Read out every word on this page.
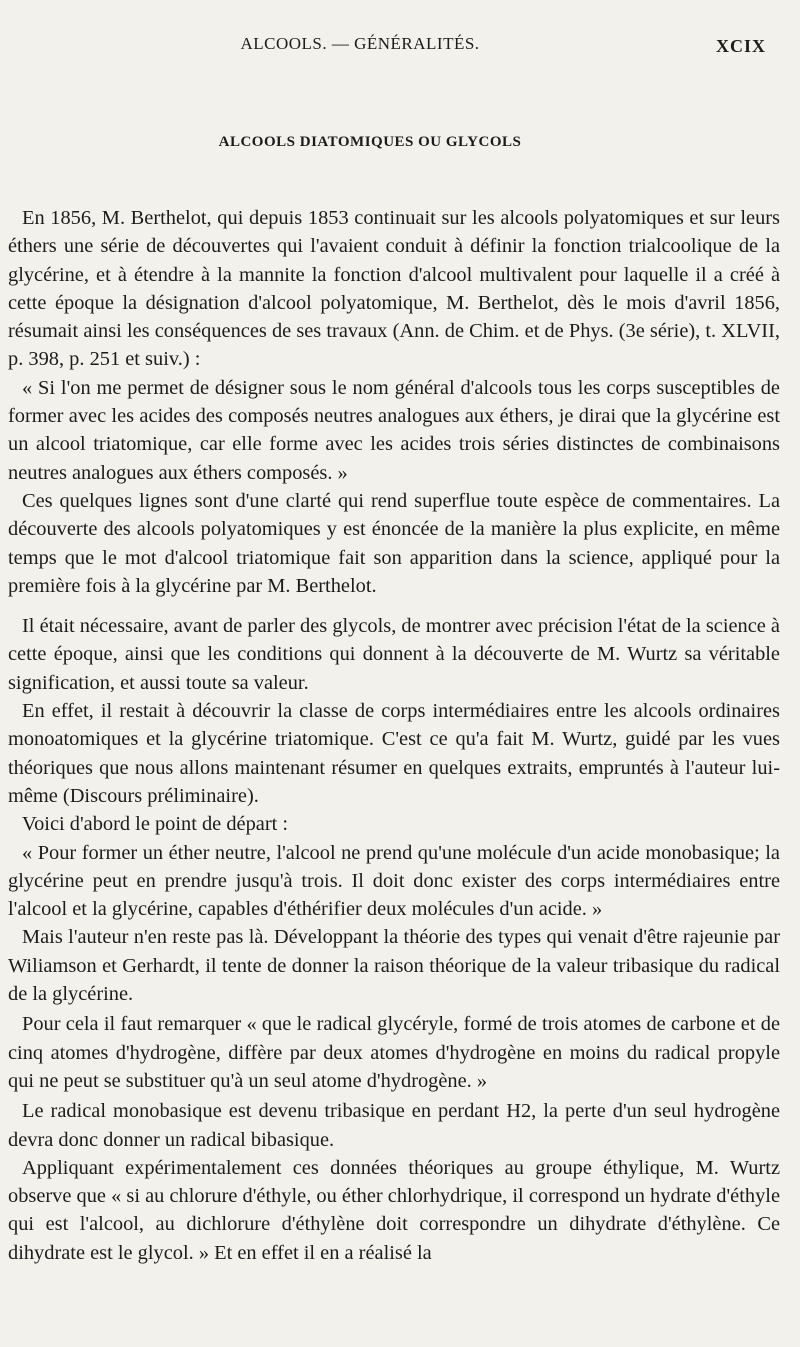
ALCOOLS. — GÉNÉRALITÉS.	XCIX
ALCOOLS DIATOMIQUES OU GLYCOLS

En 1856, M. Berthelot, qui depuis 1853 continuait sur les alcools polyatomiques et sur leurs éthers une série de découvertes qui l'avaient conduit à définir la fonction trialcoolique de la glycérine, et à étendre à la mannite la fonction d'alcool multivalent pour laquelle il a créé à cette époque la désignation d'alcool polyatomique, M. Berthelot, dès le mois d'avril 1856, résumait ainsi les conséquences de ses travaux (Ann. de Chim. et de Phys. (3e série), t. XLVII, p. 398, p. 251 et suiv.) :

« Si l'on me permet de désigner sous le nom général d'alcools tous les corps susceptibles de former avec les acides des composés neutres analogues aux éthers, je dirai que la glycérine est un alcool triatomique, car elle forme avec les acides trois séries distinctes de combinaisons neutres analogues aux éthers composés. »

Ces quelques lignes sont d'une clarté qui rend superflue toute espèce de commentaires. La découverte des alcools polyatomiques y est énoncée de la manière la plus explicite, en même temps que le mot d'alcool triatomique fait son apparition dans la science, appliqué pour la première fois à la glycérine par M. Berthelot.

Il était nécessaire, avant de parler des glycols, de montrer avec précision l'état de la science à cette époque, ainsi que les conditions qui donnent à la découverte de M. Wurtz sa véritable signification, et aussi toute sa valeur.

En effet, il restait à découvrir la classe de corps intermédiaires entre les alcools ordinaires monoatomiques et la glycérine triatomique. C'est ce qu'a fait M. Wurtz, guidé par les vues théoriques que nous allons maintenant résumer en quelques extraits, empruntés à l'auteur lui-même (Discours préliminaire).

Voici d'abord le point de départ :

« Pour former un éther neutre, l'alcool ne prend qu'une molécule d'un acide monobasique; la glycérine peut en prendre jusqu'à trois. Il doit donc exister des corps intermédiaires entre l'alcool et la glycérine, capables d'éthérifier deux molécules d'un acide. »

Mais l'auteur n'en reste pas là. Développant la théorie des types qui venait d'être rajeunie par Wiliamson et Gerhardt, il tente de donner la raison théorique de la valeur tribasique du radical de la glycérine.

Pour cela il faut remarquer « que le radical glycéryle, formé de trois atomes de carbone et de cinq atomes d'hydrogène, diffère par deux atomes d'hydrogène en moins du radical propyle qui ne peut se substituer qu'à un seul atome d'hydrogène. »

Le radical monobasique est devenu tribasique en perdant H2, la perte d'un seul hydrogène devra donc donner un radical bibasique.

Appliquant expérimentalement ces données théoriques au groupe éthylique, M. Wurtz observe que « si au chlorure d'éthyle, ou éther chlorhydrique, il correspond un hydrate d'éthyle qui est l'alcool, au dichlorure d'éthylène doit correspondre un dihydrate d'éthylène. Ce dihydrate est le glycol. » Et en effet il en a réalisé la
